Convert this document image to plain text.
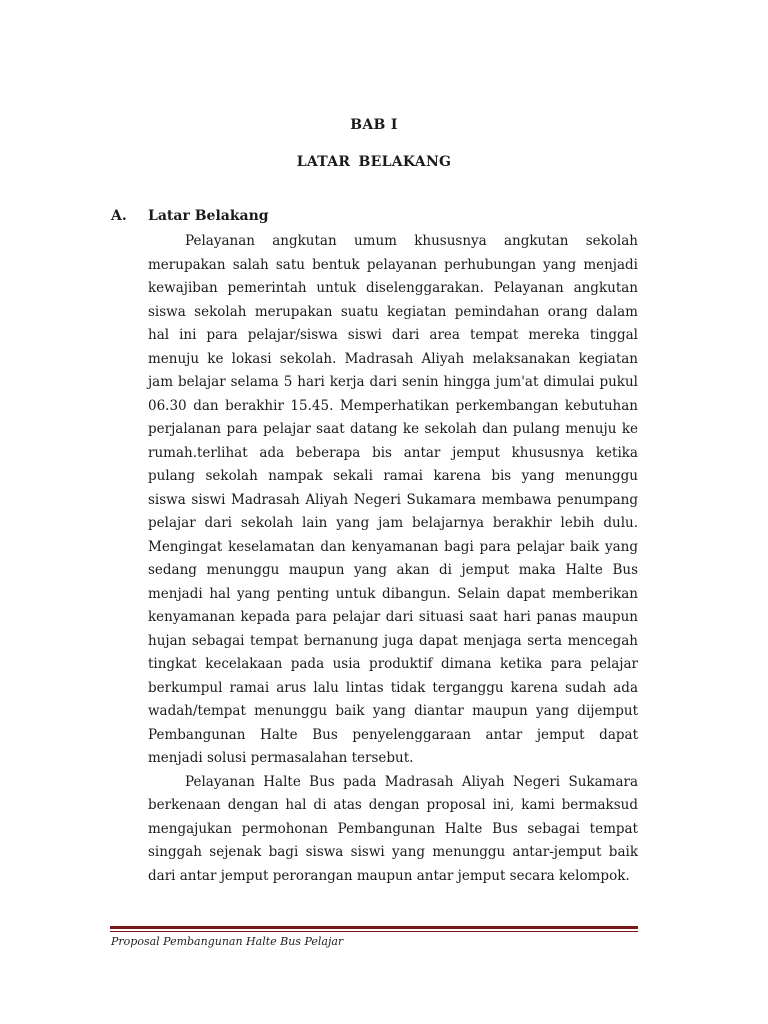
BAB I
LATAR BELAKANG
A. Latar Belakang
Pelayanan angkutan umum khususnya angkutan sekolah
merupakan salah satu bentuk pelayanan perhubungan yang menjadi
kewajiban pemerintah untuk diselenggarakan. Pelayanan angkutan
siswa sekolah merupakan suatu kegiatan pemindahan orang dalam
hal ini para pelajar/siswa siswi dari area tempat mereka tinggal
menuju ke lokasi sekolah. Madrasah Aliyah melaksanakan kegiatan
jam belajar selama 5 hari kerja dari senin hingga jum'at dimulai pukul
06.30 dan berakhir 15.45. Memperhatikan perkembangan kebutuhan
perjalanan para pelajar saat datang ke sekolah dan pulang menuju ke
rumah.terlihat ada beberapa bis antar jemput khususnya ketika
pulang sekolah nampak sekali ramai karena bis yang menunggu
siswa siswi Madrasah Aliyah Negeri Sukamara membawa penumpang
pelajar dari sekolah lain yang jam belajarnya berakhir lebih dulu.
Mengingat keselamatan dan kenyamanan bagi para pelajar baik yang
sedang menunggu maupun yang akan di jemput maka Halte Bus
menjadi hal yang penting untuk dibangun. Selain dapat memberikan
kenyamanan kepada para pelajar dari situasi saat hari panas maupun
hujan sebagai tempat bernanung juga dapat menjaga serta mencegah
tingkat kecelakaan pada usia produktif dimana ketika para pelajar
berkumpul ramai arus lalu lintas tidak terganggu karena sudah ada
wadah/tempat menunggu baik yang diantar maupun yang dijemput
Pembangunan Halte Bus penyelenggaraan antar jemput dapat
menjadi solusi permasalahan tersebut.
Pelayanan Halte Bus pada Madrasah Aliyah Negeri Sukamara
berkenaan dengan hal di atas dengan proposal ini, kami bermaksud
mengajukan permohonan Pembangunan Halte Bus sebagai tempat
singgah sejenak bagi siswa siswi yang menunggu antar-jemput baik
dari antar jemput perorangan maupun antar jemput secara kelompok.
Proposal Pembangunan Halte Bus Pelajar
